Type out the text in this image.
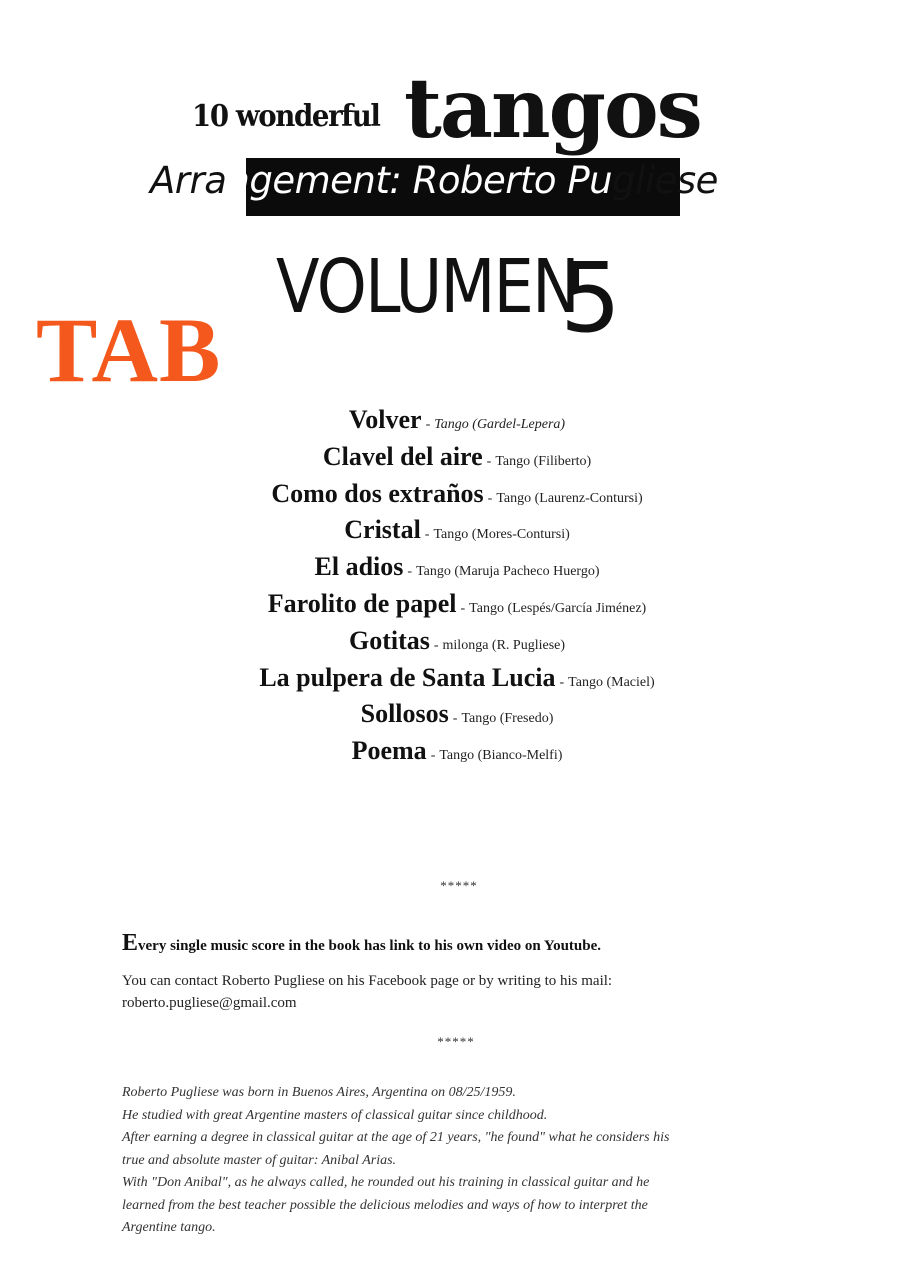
10 wonderful tangos
Arrangement: Roberto Pugliese
VOLUMEN
5
TAB
Volver - Tango (Gardel-Lepera)
Clavel del aire - Tango (Filiberto)
Como dos extraños - Tango (Laurenz-Contursi)
Cristal - Tango (Mores-Contursi)
El adios - Tango (Maruja Pacheco Huergo)
Farolito de papel - Tango (Lespés/García Jiménez)
Gotitas - milonga (R. Pugliese)
La pulpera de Santa Lucia - Tango (Maciel)
Sollosos - Tango (Fresedo)
Poema - Tango (Bianco-Melfi)
*****
Every single music score in the book has link to his own video on Youtube.
You can contact Roberto Pugliese on his Facebook page or by writing to his mail:
roberto.pugliese@gmail.com
*****

Roberto Pugliese was born in Buenos Aires, Argentina on 08/25/1959.

He studied with great Argentine masters of classical guitar since childhood.

After earning a degree in classical guitar at the age of 21 years, "he found" what he considers his

true and absolute master of guitar: Anibal Arias.

With "Don Anibal", as he always called, he rounded out his training in classical guitar and he

learned from the best teacher possible the delicious melodies and ways of how to interpret the

Argentine tango.
